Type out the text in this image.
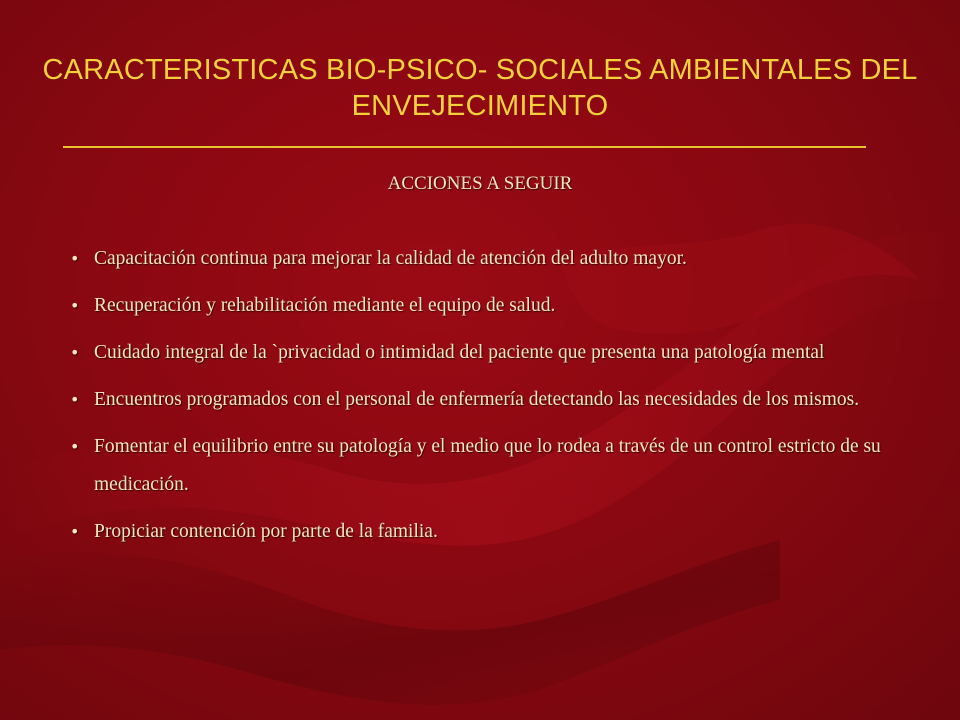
CARACTERISTICAS BIO-PSICO- SOCIALES AMBIENTALES DEL ENVEJECIMIENTO
ACCIONES A SEGUIR
• Capacitación continua para mejorar la calidad de atención del adulto mayor.
• Recuperación y rehabilitación mediante el equipo de salud.
• Cuidado integral de la `privacidad o intimidad del paciente que presenta una patología mental
• Encuentros programados con el personal de enfermería detectando las necesidades de los mismos.
• Fomentar el equilibrio entre su patología y el medio que lo rodea a través de un control estricto de su medicación.
• Propiciar contención por parte de la familia.
